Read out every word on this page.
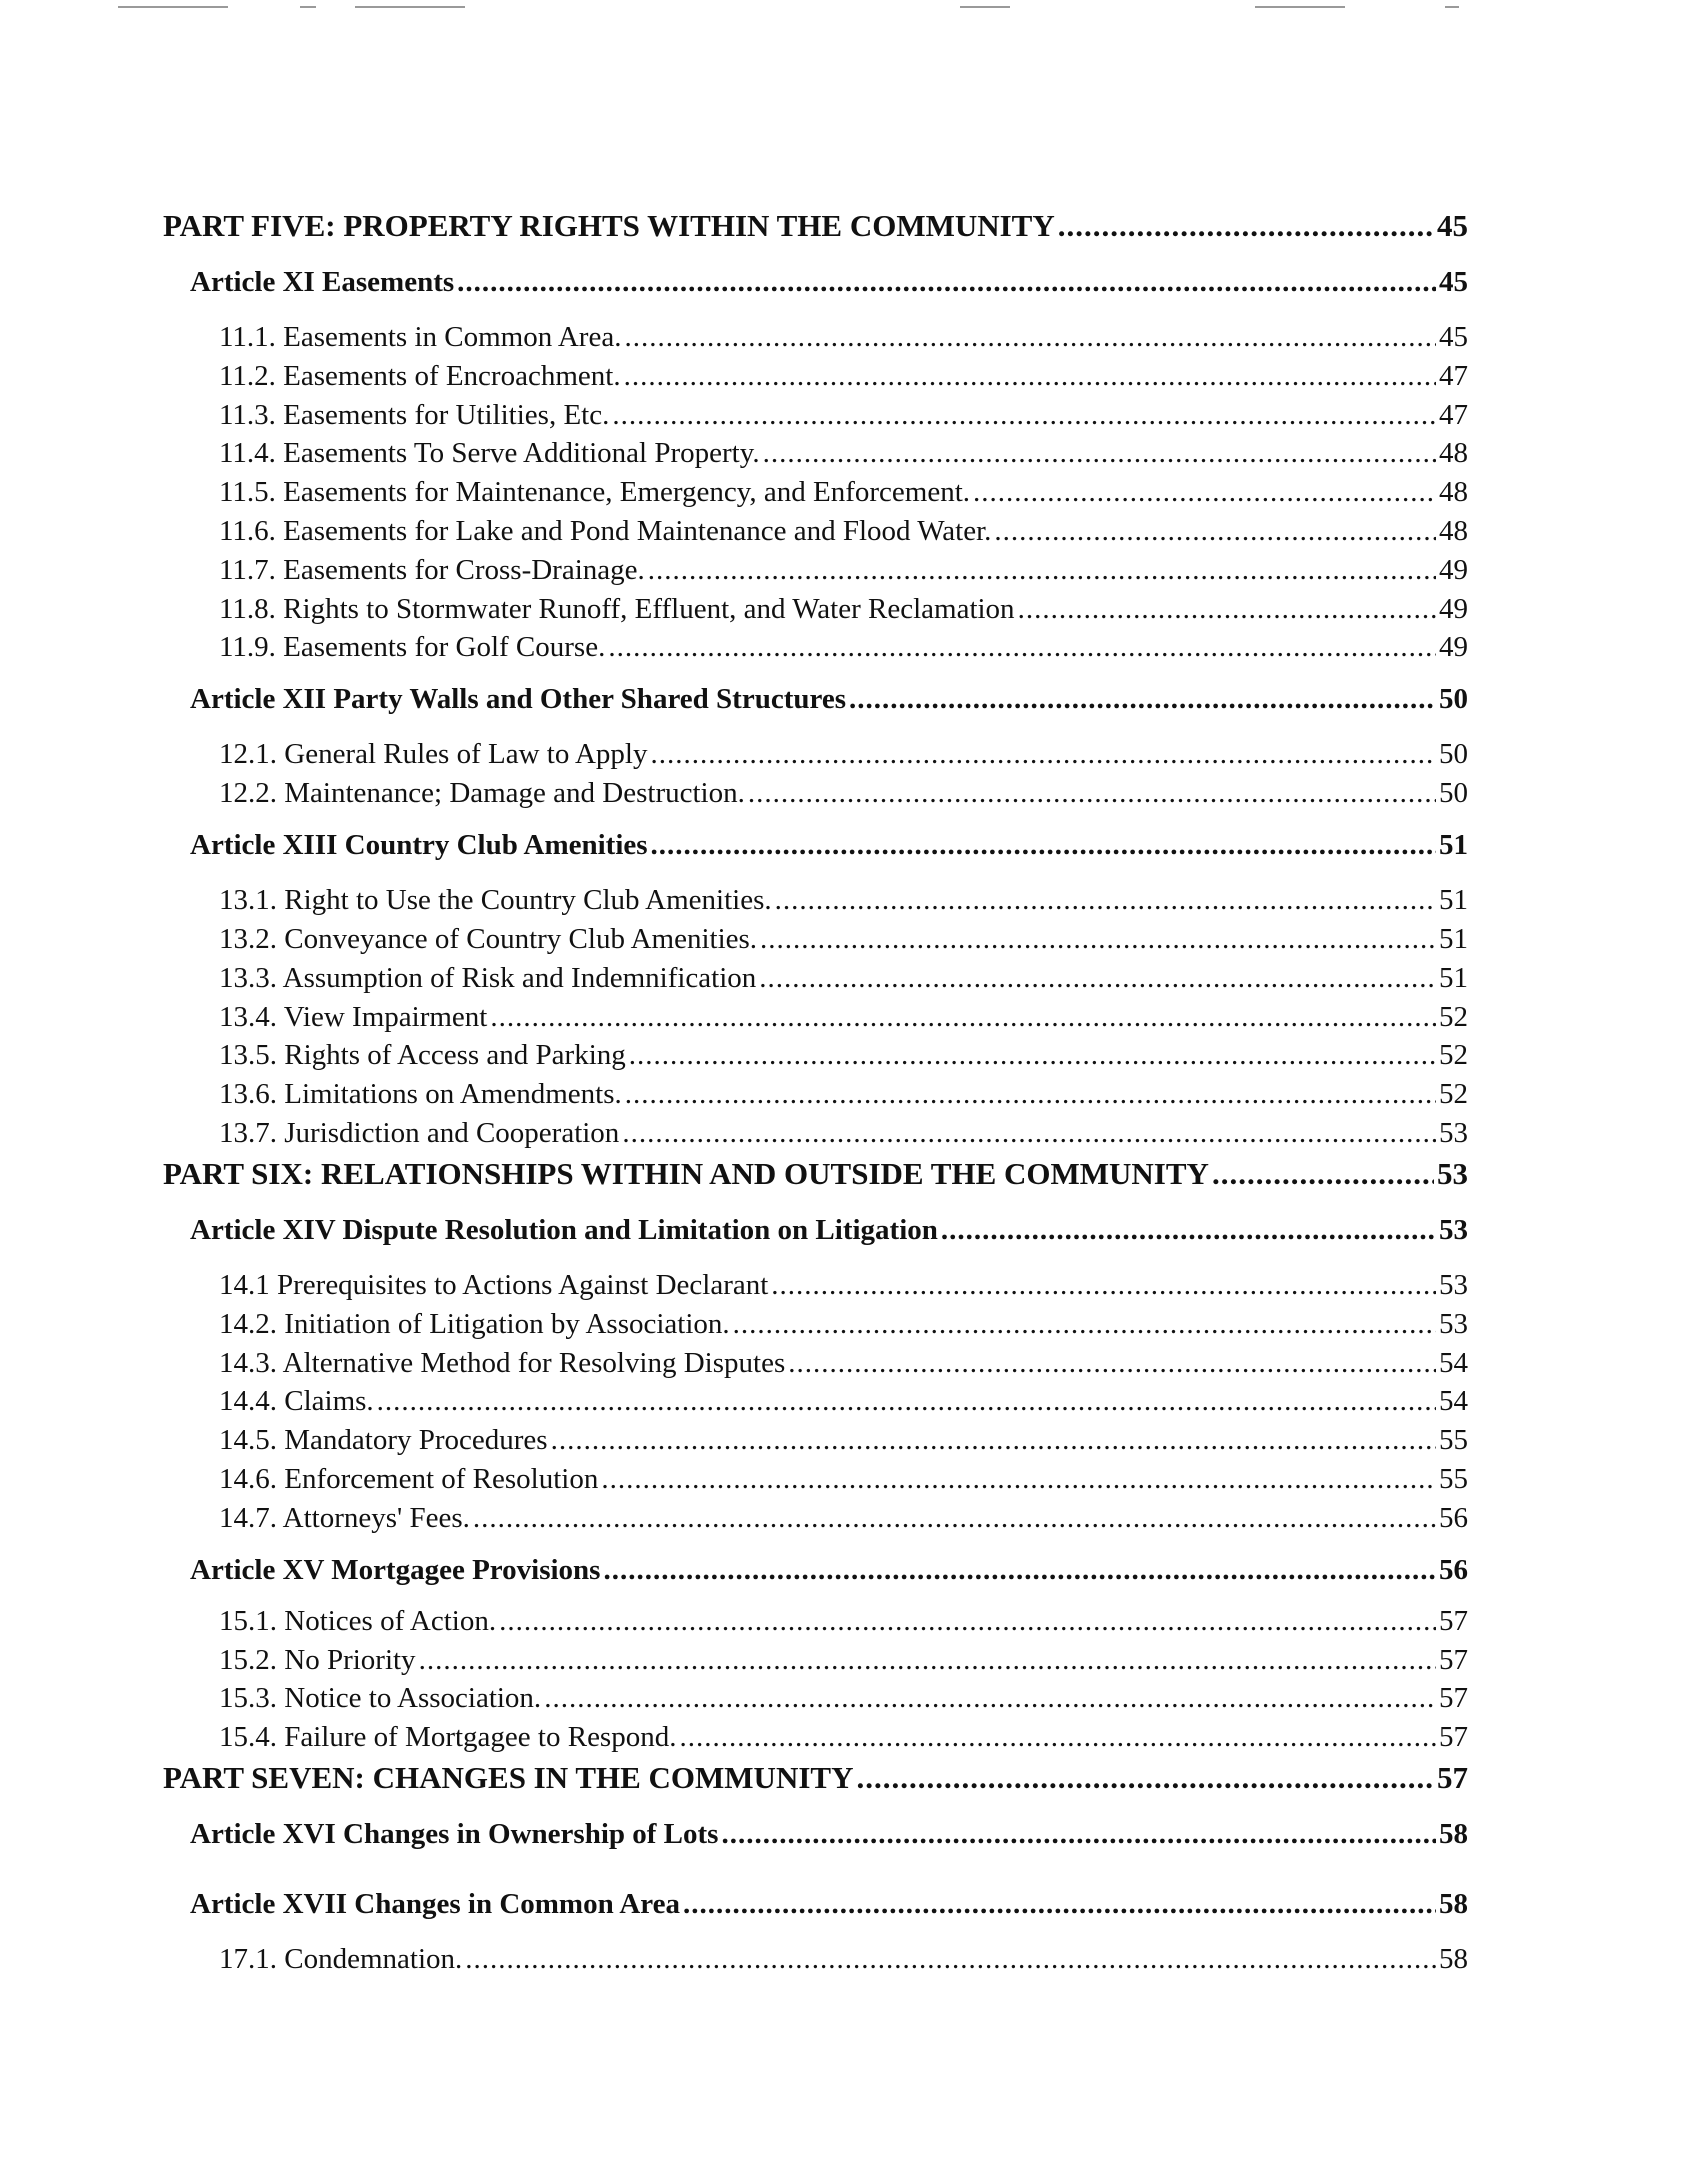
PART FIVE: PROPERTY RIGHTS WITHIN THE COMMUNITY .....	45
Article XI Easements .....	45
11.1. Easements in Common Area. .....	45
11.2. Easements of Encroachment. .....	47
11.3. Easements for Utilities, Etc. .....	47
11.4. Easements To Serve Additional Property. .....	48
11.5. Easements for Maintenance, Emergency, and Enforcement. .....	48
11.6. Easements for Lake and Pond Maintenance and Flood Water. .....	48
11.7. Easements for Cross-Drainage. .....	49
11.8. Rights to Stormwater Runoff, Effluent, and Water Reclamation .....	49
11.9. Easements for Golf Course. .....	49
Article XII Party Walls and Other Shared Structures .....	50
12.1. General Rules of Law to Apply .....	50
12.2. Maintenance; Damage and Destruction. .....	50
Article XIII Country Club Amenities .....	51
13.1. Right to Use the Country Club Amenities. .....	51
13.2. Conveyance of Country Club Amenities. .....	51
13.3. Assumption of Risk and Indemnification .....	51
13.4. View Impairment .....	52
13.5. Rights of Access and Parking .....	52
13.6. Limitations on Amendments. .....	52
13.7. Jurisdiction and Cooperation .....	53
PART SIX: RELATIONSHIPS WITHIN AND OUTSIDE THE COMMUNITY .....	53
Article XIV Dispute Resolution and Limitation on Litigation .....	53
14.1 Prerequisites to Actions Against Declarant .....	53
14.2. Initiation of Litigation by Association. .....	53
14.3. Alternative Method for Resolving Disputes .....	54
14.4. Claims. .....	54
14.5. Mandatory Procedures .....	55
14.6. Enforcement of Resolution .....	55
14.7. Attorneys' Fees. .....	56
Article XV Mortgagee Provisions .....	56
15.1. Notices of Action. .....	57
15.2. No Priority .....	57
15.3. Notice to Association. .....	57
15.4. Failure of Mortgagee to Respond. .....	57
PART SEVEN: CHANGES IN THE COMMUNITY .....	57
Article XVI Changes in Ownership of Lots .....	58
Article XVII Changes in Common Area .....	58
17.1. Condemnation. .....	58
